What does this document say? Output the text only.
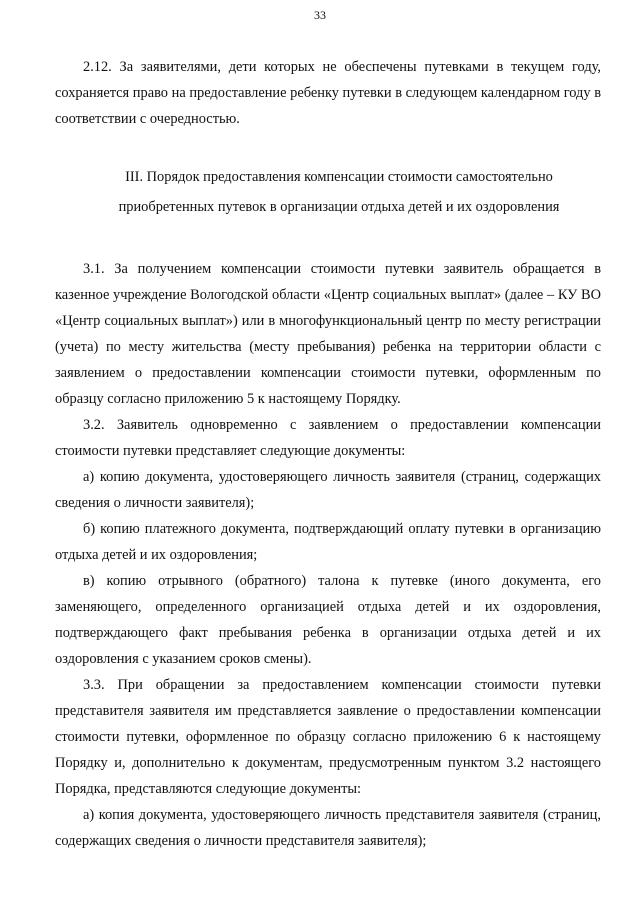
33

2.12. За заявителями, дети которых не обеспечены путевками в текущем году, сохраняется право на предоставление ребенку путевки в следующем календарном году в соответствии с очередностью.

III. Порядок предоставления компенсации стоимости самостоятельно приобретенных путевок в организации отдыха детей и их оздоровления

3.1. За получением компенсации стоимости путевки заявитель обращается в казенное учреждение Вологодской области «Центр социальных выплат» (далее – КУ ВО «Центр социальных выплат») или в многофункциональный центр по месту регистрации (учета) по месту жительства (месту пребывания) ребенка на территории области с заявлением о предоставлении компенсации стоимости путевки, оформленным по образцу согласно приложению 5 к настоящему Порядку.

3.2. Заявитель одновременно с заявлением о предоставлении компенсации стоимости путевки представляет следующие документы:

а) копию документа, удостоверяющего личность заявителя (страниц, содержащих сведения о личности заявителя);

б) копию платежного документа, подтверждающий оплату путевки в организацию отдыха детей и их оздоровления;

в) копию отрывного (обратного) талона к путевке (иного документа, его заменяющего, определенного организацией отдыха детей и их оздоровления, подтверждающего факт пребывания ребенка в организации отдыха детей и их оздоровления с указанием сроков смены).

3.3. При обращении за предоставлением компенсации стоимости путевки представителя заявителя им представляется заявление о предоставлении компенсации стоимости путевки, оформленное по образцу согласно приложению 6 к настоящему Порядку и, дополнительно к документам, предусмотренным пунктом 3.2 настоящего Порядка, представляются следующие документы:

а) копия документа, удостоверяющего личность представителя заявителя (страниц, содержащих сведения о личности представителя заявителя);
